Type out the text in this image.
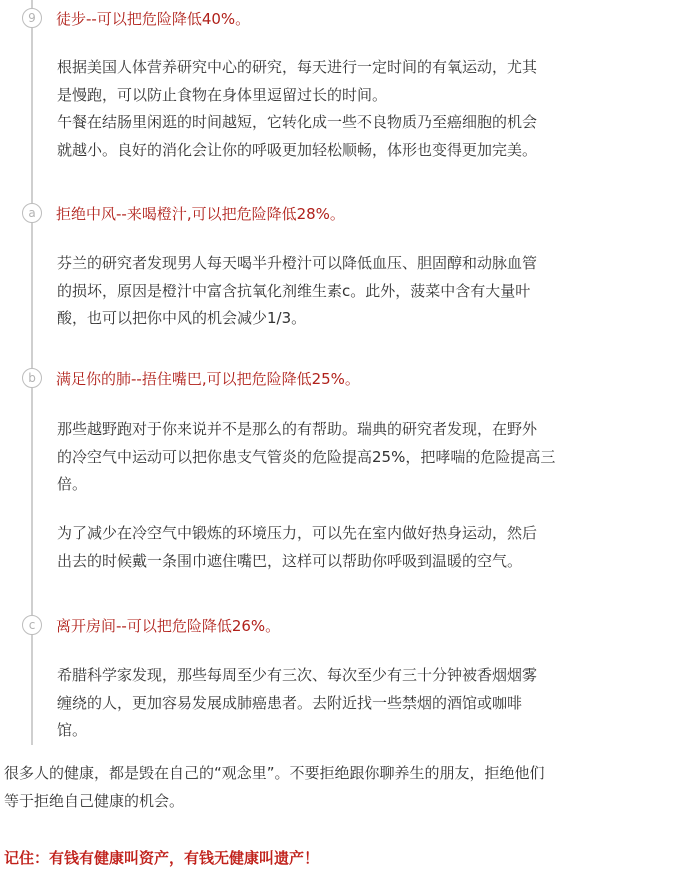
9	徒步--可以把危险降低40%。
根据美国人体营养研究中心的研究，每天进行一定时间的有氧运动，尤其
是慢跑，可以防止食物在身体里逗留过长的时间。
午餐在结肠里闲逛的时间越短，它转化成一些不良物质乃至癌细胞的机会
就越小。良好的消化会让你的呼吸更加轻松顺畅，体形也变得更加完美。
a	拒绝中风--来喝橙汁,可以把危险降低28%。
芬兰的研究者发现男人每天喝半升橙汁可以降低血压、胆固醇和动脉血管
的损坏，原因是橙汁中富含抗氧化剂维生素c。此外，菠菜中含有大量叶
酸，也可以把你中风的机会减少1/3。
b	满足你的肺--捂住嘴巴,可以把危险降低25%。
那些越野跑对于你来说并不是那么的有帮助。瑞典的研究者发现，在野外
的冷空气中运动可以把你患支气管炎的危险提高25%，把哮喘的危险提高三
倍。
为了减少在冷空气中锻炼的环境压力，可以先在室内做好热身运动，然后
出去的时候戴一条围巾遮住嘴巴，这样可以帮助你呼吸到温暖的空气。
c	离开房间--可以把危险降低26%。
希腊科学家发现，那些每周至少有三次、每次至少有三十分钟被香烟烟雾
缠绕的人，更加容易发展成肺癌患者。去附近找一些禁烟的酒馆或咖啡
馆。
很多人的健康，都是毁在自己的“观念里”。不要拒绝跟你聊养生的朋友，拒绝他们
等于拒绝自己健康的机会。
记住：有钱有健康叫资产，有钱无健康叫遗产！
